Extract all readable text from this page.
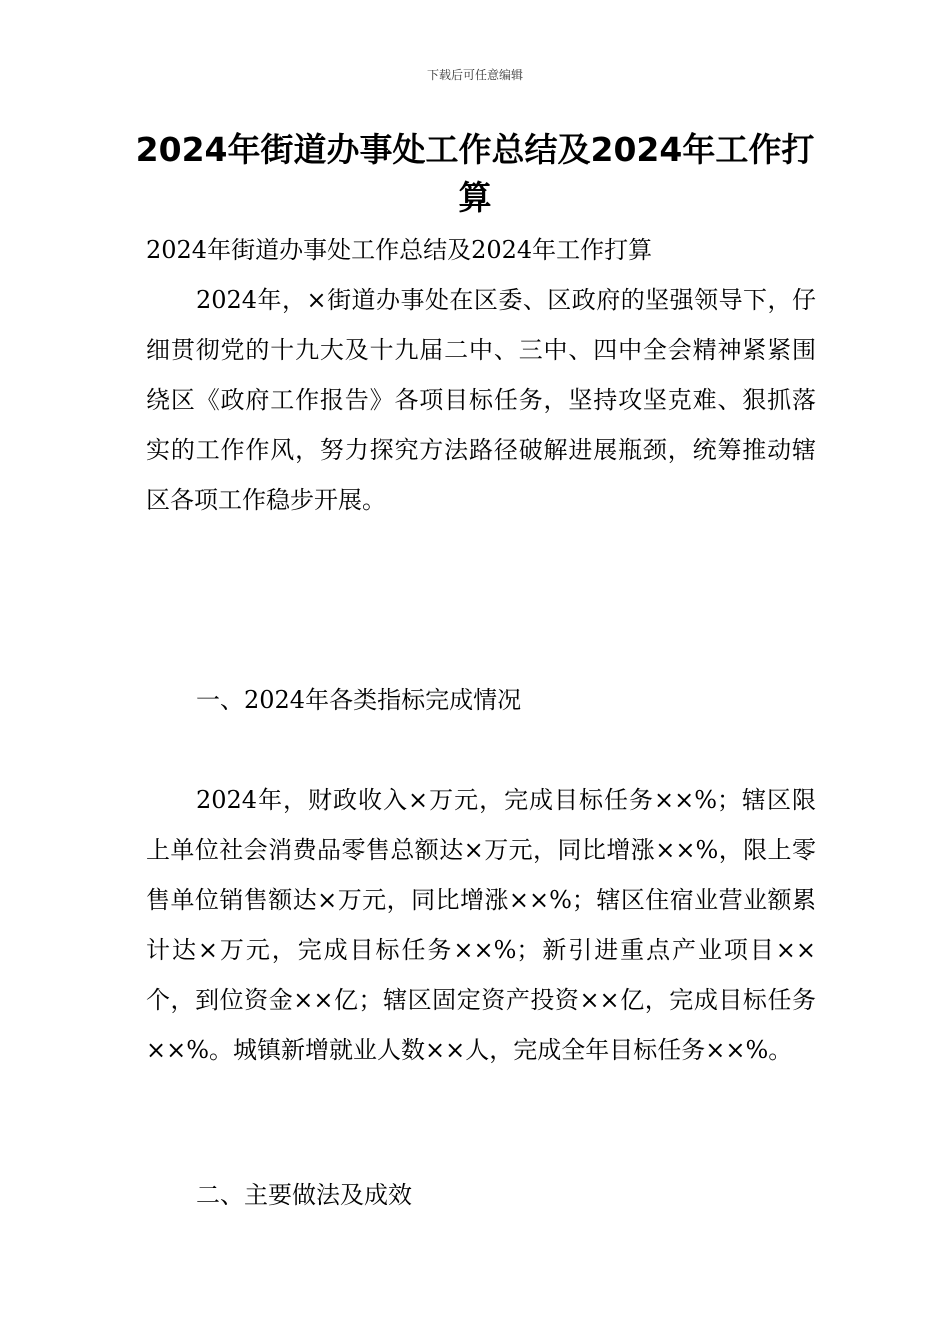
下载后可任意编辑
2024年街道办事处工作总结及2024年工作打算

2024年街道办事处工作总结及2024年工作打算

2024年，×街道办事处在区委、区政府的坚强领导下，仔细贯彻党的十九大及十九届二中、三中、四中全会精神紧紧围绕区《政府工作报告》各项目标任务，坚持攻坚克难、狠抓落实的工作作风，努力探究方法路径破解进展瓶颈，统筹推动辖区各项工作稳步开展。

一、2024年各类指标完成情况

2024年，财政收入×万元，完成目标任务××%；辖区限上单位社会消费品零售总额达×万元，同比增涨××%，限上零售单位销售额达×万元，同比增涨××%；辖区住宿业营业额累计达×万元，完成目标任务××%；新引进重点产业项目××个，到位资金××亿；辖区固定资产投资××亿，完成目标任务××%。城镇新增就业人数××人，完成全年目标任务××%。

二、主要做法及成效
